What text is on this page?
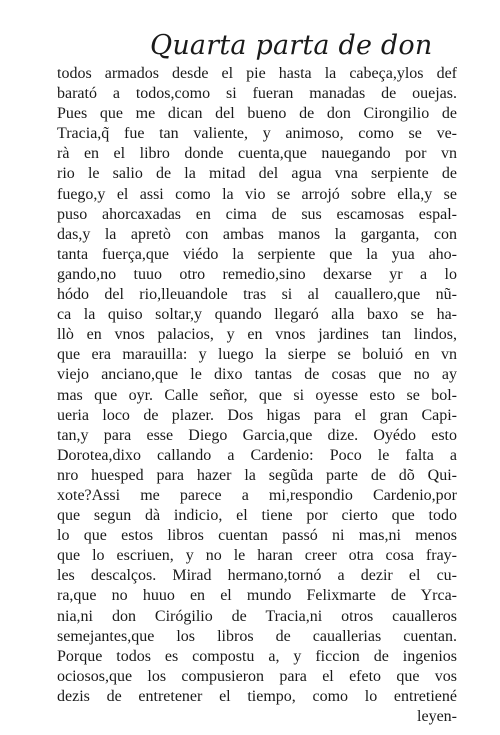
Quarta parta de don
todos armados desde el pie hasta la cabeça,ylos def
barató a todos,como si fueran manadas de ouejas.
Pues que me dican del bueno de don Cirongilio de
Tracia,q̃ fue tan valiente, y animoso, como se ve-
rà en el libro donde cuenta,que nauegando por vn
rio le salio de la mitad del agua vna serpiente de
fuego,y el assi como la vio se arrojó sobre ella,y se
puso ahorcaxadas en cima de sus escamosas espal-
das,y la apretò con ambas manos la garganta, con
tanta fuerça,que viédo la serpiente que la yua aho-
gando,no tuuo otro remedio,sino dexarse yr a lo
hódo del rio,lleuandole tras si al cauallero,que nũ-
ca la quiso soltar,y quando llegaró alla baxo se ha-
llò en vnos palacios, y en vnos jardines tan lindos,
que era marauilla: y luego la sierpe se boluió en vn
viejo anciano,que le dixo tantas de cosas que no ay
mas que oyr. Calle señor, que si oyesse esto se bol-
ueria loco de plazer. Dos higas para el gran Capi-
tan,y para esse Diego Garcia,que dize. Oyédo esto
Dorotea,dixo callando a Cardenio: Poco le falta a
nro huesped para hazer la segũda parte de dõ Qui-
xote?Assi me parece a mi,respondio Cardenio,por
que segun dà indicio, el tiene por cierto que todo
lo que estos libros cuentan passó ni mas,ni menos
que lo escriuen, y no le haran creer otra cosa fray-
les descalços. Mirad hermano,tornó a dezir el cu-
ra,que no huuo en el mundo Felixmarte de Yrca-
nia,ni don Cirógilio de Tracia,ni otros caualleros
semejantes,que los libros de cauallerias cuentan.
Porque todos es compostu a, y ficcion de ingenios
ociosos,que los compusieron para el efeto que vos
dezis de entretener el tiempo, como lo entretiené
leyen-
